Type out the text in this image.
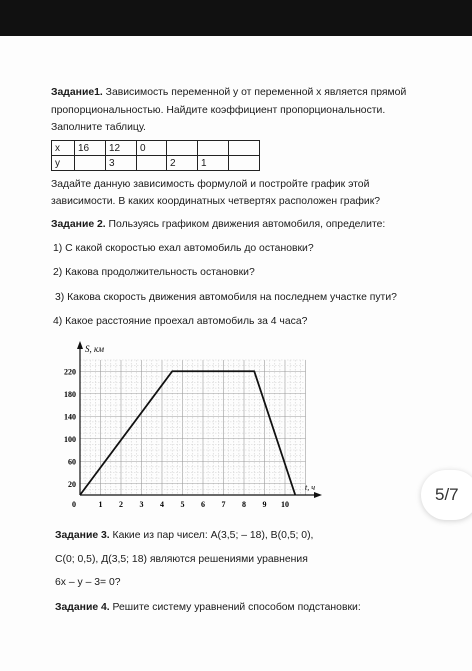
Задание1. Зависимость переменной у от переменной х является прямой
пропорциональностью. Найдите коэффициент пропорциональности.
Заполните таблицу.
x	16	12	0			
y		3		2	1	
Задайте данную зависимость формулой и постройте график этой
зависимости. В каких координатных четвертях расположен график?
Задание 2. Пользуясь графиком движения автомобиля, определите:
1) С какой скоростью ехал автомобиль до остановки?
2) Какова продолжительность остановки?
3) Какова скорость движения автомобиля на последнем участке пути?
4) Какое расстояние проехал автомобиль за 4 часа?
S, км
t, ч
20
60
100
140
180
220
0	1 2 3 4 5 6 7 8 9 10
Задание 3. Какие из пар чисел: А(3,5; – 18), В(0,5; 0),
С(0; 0,5), Д(3,5; 18) являются решениями уравнения
6х – у – 3= 0?
Задание 4. Решите систему уравнений способом подстановки:
5/7
